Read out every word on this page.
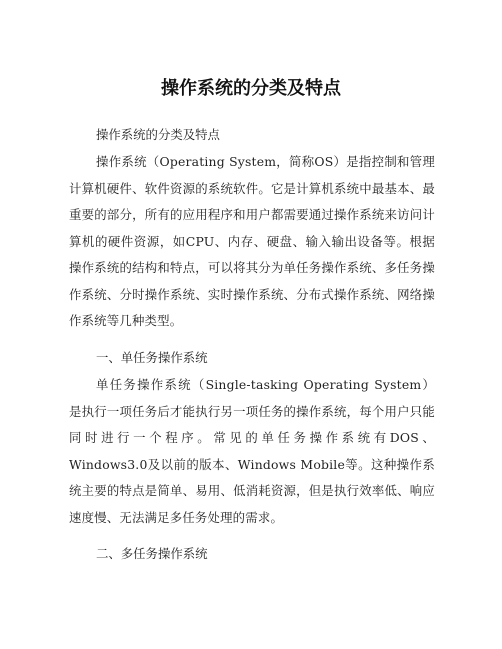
操作系统的分类及特点
操作系统的分类及特点

操作系统（Operating System，简称OS）是指控制和管理计算机硬件、软件资源的系统软件。它是计算机系统中最基本、最重要的部分，所有的应用程序和用户都需要通过操作系统来访问计算机的硬件资源，如CPU、内存、硬盘、输入输出设备等。根据操作系统的结构和特点，可以将其分为单任务操作系统、多任务操作系统、分时操作系统、实时操作系统、分布式操作系统、网络操作系统等几种类型。

一、单任务操作系统

单任务操作系统（Single-tasking Operating System）是执行一项任务后才能执行另一项任务的操作系统，每个用户只能同时进行一个程序。常见的单任务操作系统有DOS、Windows3.0及以前的版本、Windows Mobile等。这种操作系统主要的特点是简单、易用、低消耗资源，但是执行效率低、响应速度慢、无法满足多任务处理的需求。

二、多任务操作系统
